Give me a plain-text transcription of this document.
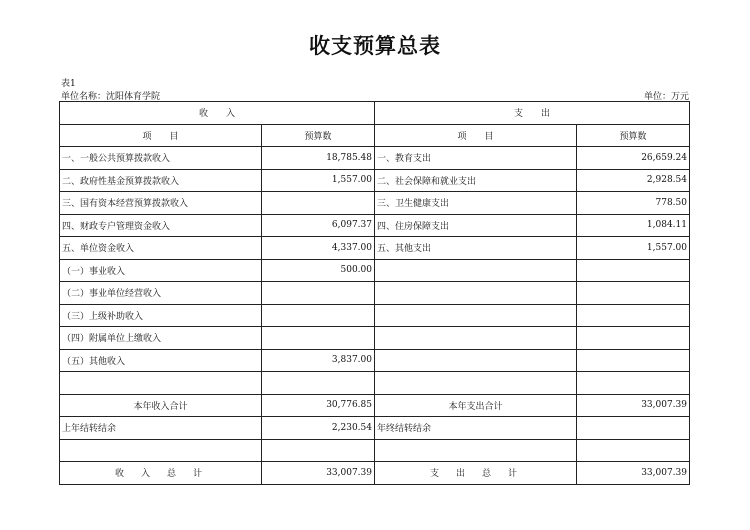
收支预算总表
表1
单位名称：沈阳体育学院	单位：万元
收　　入		支　　出	
项　　目	预算数	项　　目	预算数
一、一般公共预算拨款收入	18,785.48	一、教育支出	26,659.24
二、政府性基金预算拨款收入	1,557.00	二、社会保障和就业支出	2,928.54
三、国有资本经营预算拨款收入		三、卫生健康支出	778.50
四、财政专户管理资金收入	6,097.37	四、住房保障支出	1,084.11
五、单位资金收入	4,337.00	五、其他支出	1,557.00
（一）事业收入	500.00		
（二）事业单位经营收入			
（三）上级补助收入			
（四）附属单位上缴收入			
（五）其他收入	3,837.00		

本年收入合计	30,776.85	本年支出合计	33,007.39
上年结转结余	2,230.54	年终结转结余	

收　入　总　计	33,007.39	支　出　总　计	33,007.39
